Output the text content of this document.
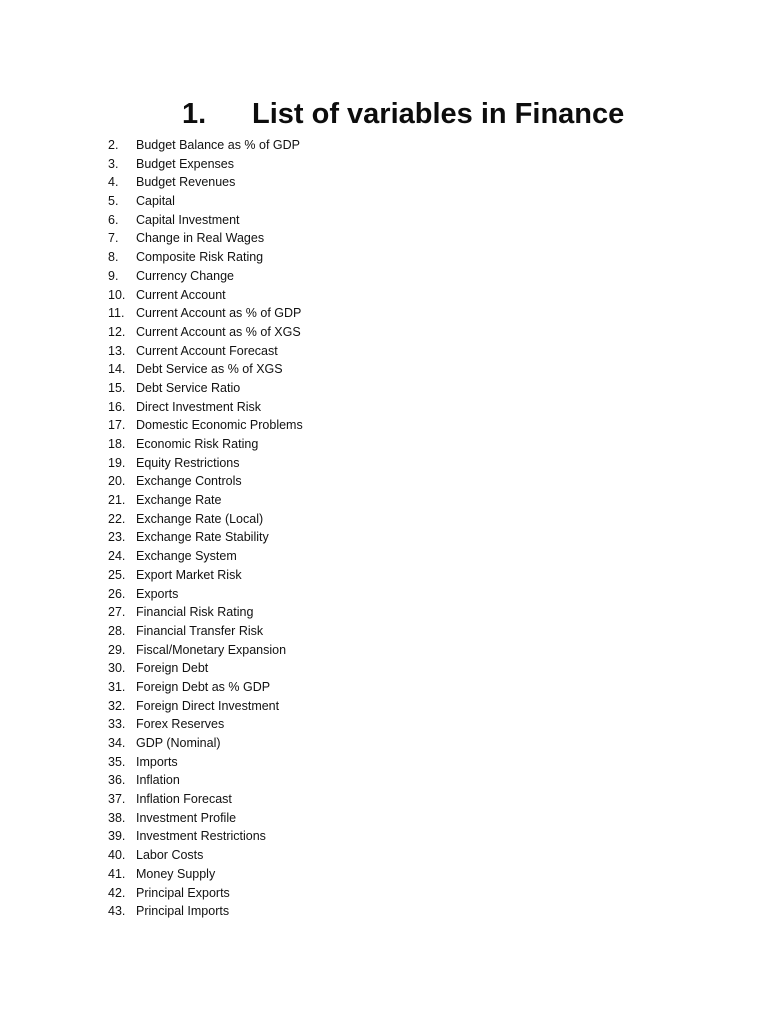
1. List of variables in Finance
2. Budget Balance as % of GDP
3. Budget Expenses
4. Budget Revenues
5. Capital
6. Capital Investment
7. Change in Real Wages
8. Composite Risk Rating
9. Currency Change
10. Current Account
11. Current Account as % of GDP
12. Current Account as % of XGS
13. Current Account Forecast
14. Debt Service as % of XGS
15. Debt Service Ratio
16. Direct Investment Risk
17. Domestic Economic Problems
18. Economic Risk Rating
19. Equity Restrictions
20. Exchange Controls
21. Exchange Rate
22. Exchange Rate (Local)
23. Exchange Rate Stability
24. Exchange System
25. Export Market Risk
26. Exports
27. Financial Risk Rating
28. Financial Transfer Risk
29. Fiscal/Monetary Expansion
30. Foreign Debt
31. Foreign Debt as % GDP
32. Foreign Direct Investment
33. Forex Reserves
34. GDP (Nominal)
35. Imports
36. Inflation
37. Inflation Forecast
38. Investment Profile
39. Investment Restrictions
40. Labor Costs
41. Money Supply
42. Principal Exports
43. Principal Imports
